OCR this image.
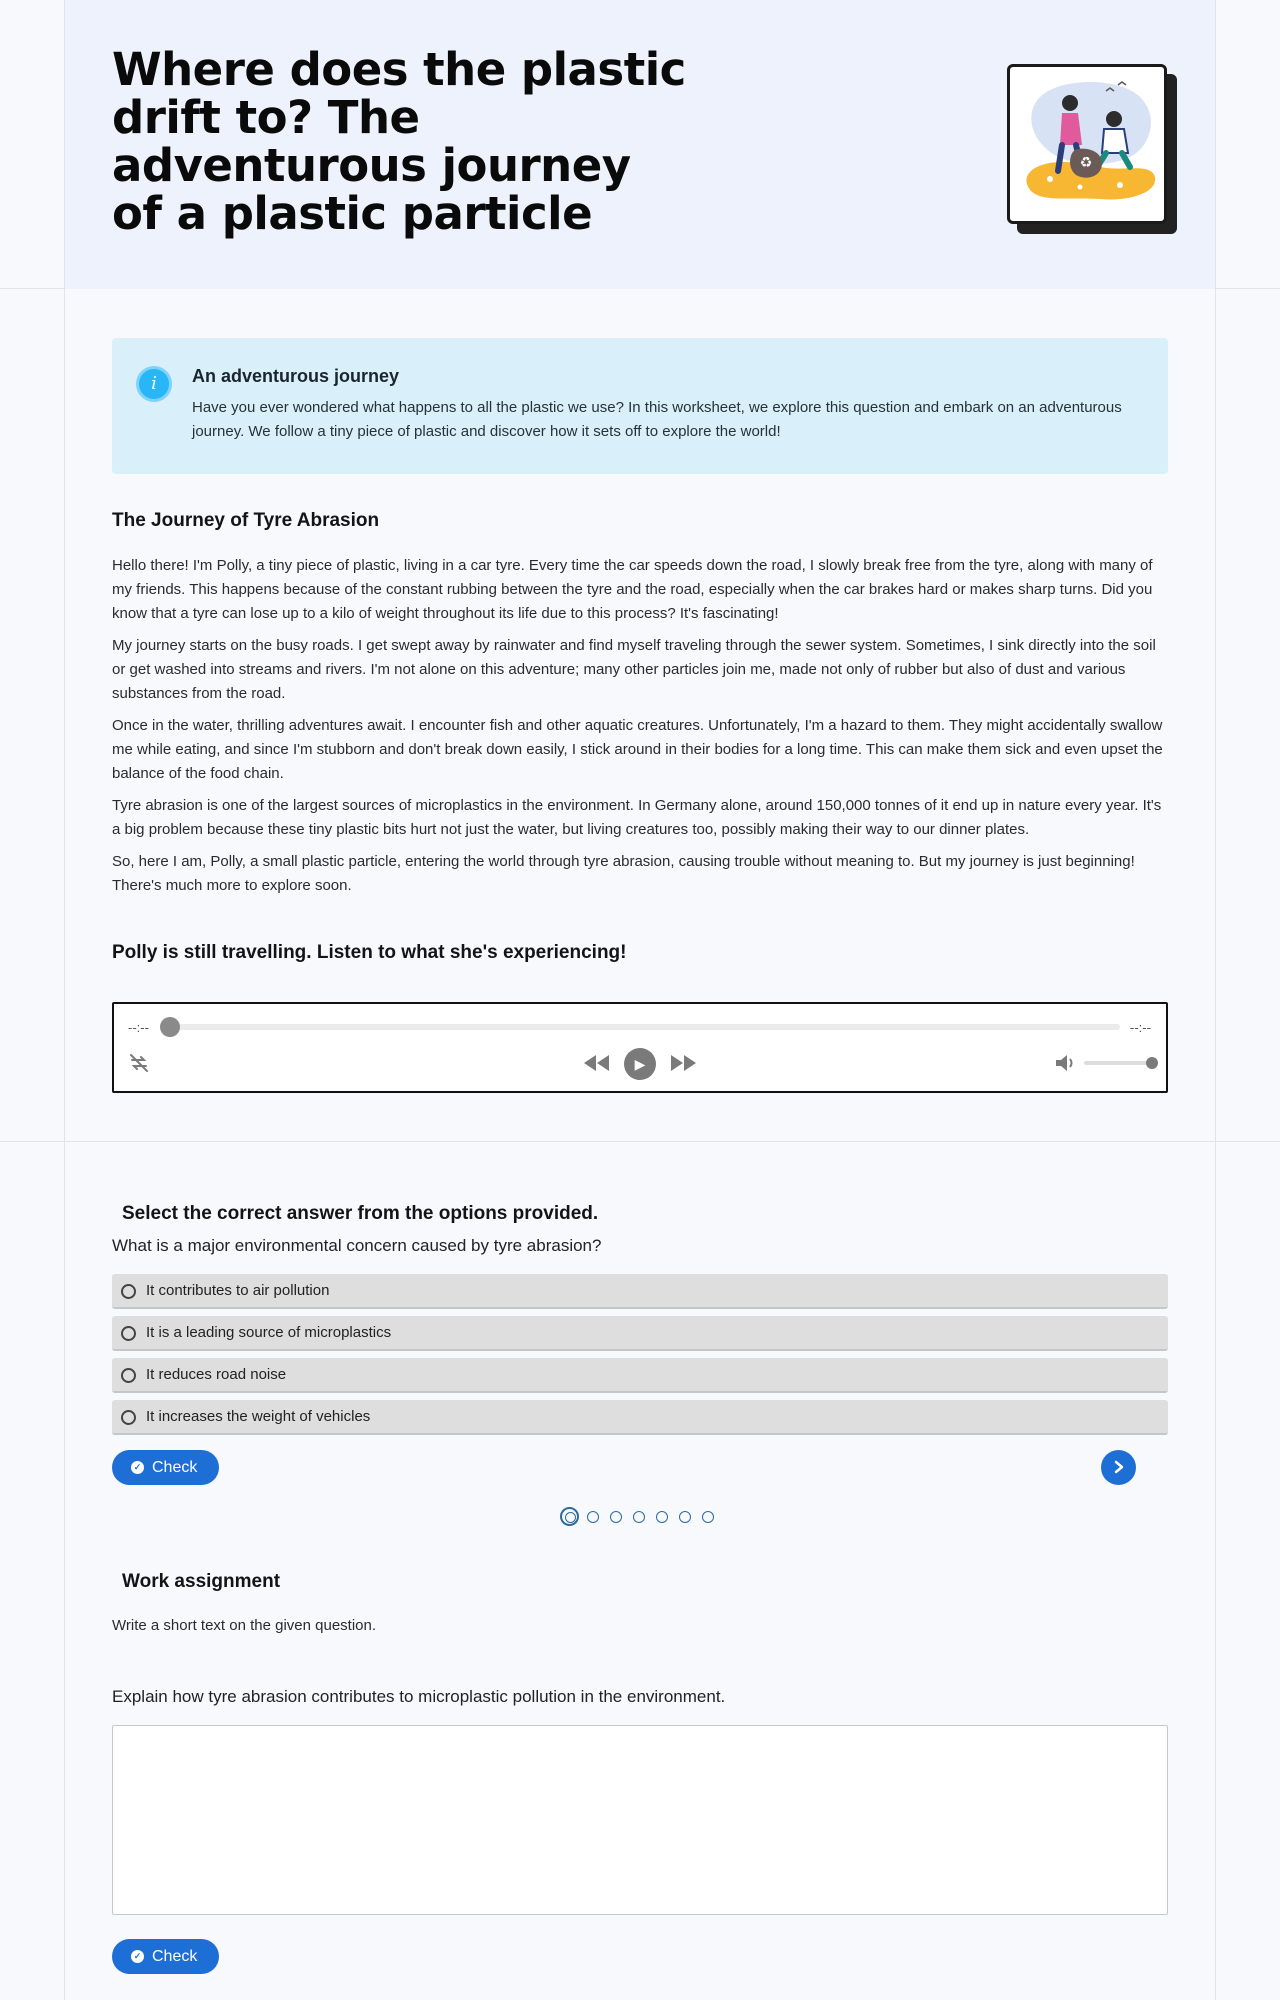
Where does the plastic drift to? The adventurous journey of a plastic particle
♻
i	An adventurous journey
Have you ever wondered what happens to all the plastic we use? In this worksheet, we explore this question and embark on an adventurous journey. We follow a tiny piece of plastic and discover how it sets off to explore the world!
The Journey of Tyre Abrasion

Hello there! I'm Polly, a tiny piece of plastic, living in a car tyre. Every time the car speeds down the road, I slowly break free from the tyre, along with many of my friends. This happens because of the constant rubbing between the tyre and the road, especially when the car brakes hard or makes sharp turns. Did you know that a tyre can lose up to a kilo of weight throughout its life due to this process? It's fascinating!

My journey starts on the busy roads. I get swept away by rainwater and find myself traveling through the sewer system. Sometimes, I sink directly into the soil or get washed into streams and rivers. I'm not alone on this adventure; many other particles join me, made not only of rubber but also of dust and various substances from the road.

Once in the water, thrilling adventures await. I encounter fish and other aquatic creatures. Unfortunately, I'm a hazard to them. They might accidentally swallow me while eating, and since I'm stubborn and don't break down easily, I stick around in their bodies for a long time. This can make them sick and even upset the balance of the food chain.

Tyre abrasion is one of the largest sources of microplastics in the environment. In Germany alone, around 150,000 tonnes of it end up in nature every year. It's a big problem because these tiny plastic bits hurt not just the water, but living creatures too, possibly making their way to our dinner plates.

So, here I am, Polly, a small plastic particle, entering the world through tyre abrasion, causing trouble without meaning to. But my journey is just beginning! There's much more to explore soon.

Polly is still travelling. Listen to what she's experiencing!
--:--	--:--
▶
Select the correct answer from the options provided.
What is a major environmental concern caused by tyre abrasion?
It contributes to air pollution
It is a leading source of microplastics
It reduces road noise
It increases the weight of vehicles
✓ Check
Work assignment
Write a short text on the given question.
Explain how tyre abrasion contributes to microplastic pollution in the environment.
✓ Check
